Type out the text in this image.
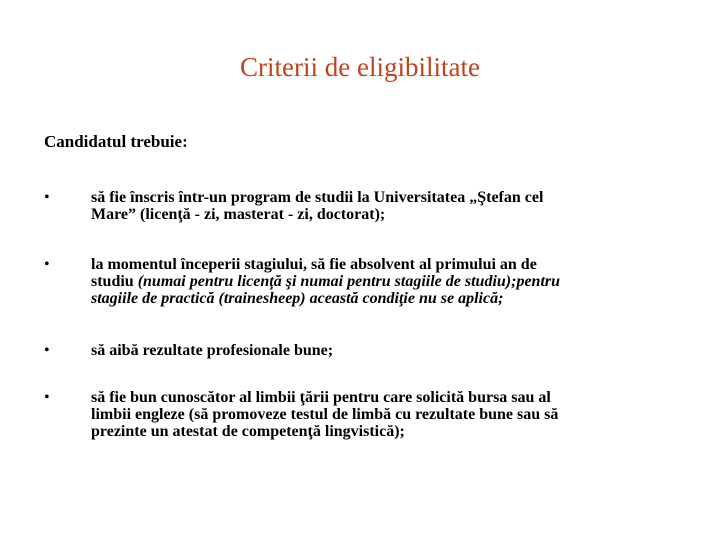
Criterii de eligibilitate
Candidatul trebuie:
•	să fie înscris într-un program de studii la Universitatea „Ştefan cel
Mare” (licenţă - zi, masterat - zi, doctorat);
•	la momentul începerii stagiului, să fie absolvent al primului an de
studiu (numai pentru licenţă şi numai pentru stagiile de studiu);pentru
stagiile de practică (trainesheep) această condiţie nu se aplică;
•	să aibă rezultate profesionale bune;
•	să fie bun cunoscător al limbii ţării pentru care solicită bursa sau al
limbii engleze (să promoveze testul de limbă cu rezultate bune sau să
prezinte un atestat de competenţă lingvistică);
